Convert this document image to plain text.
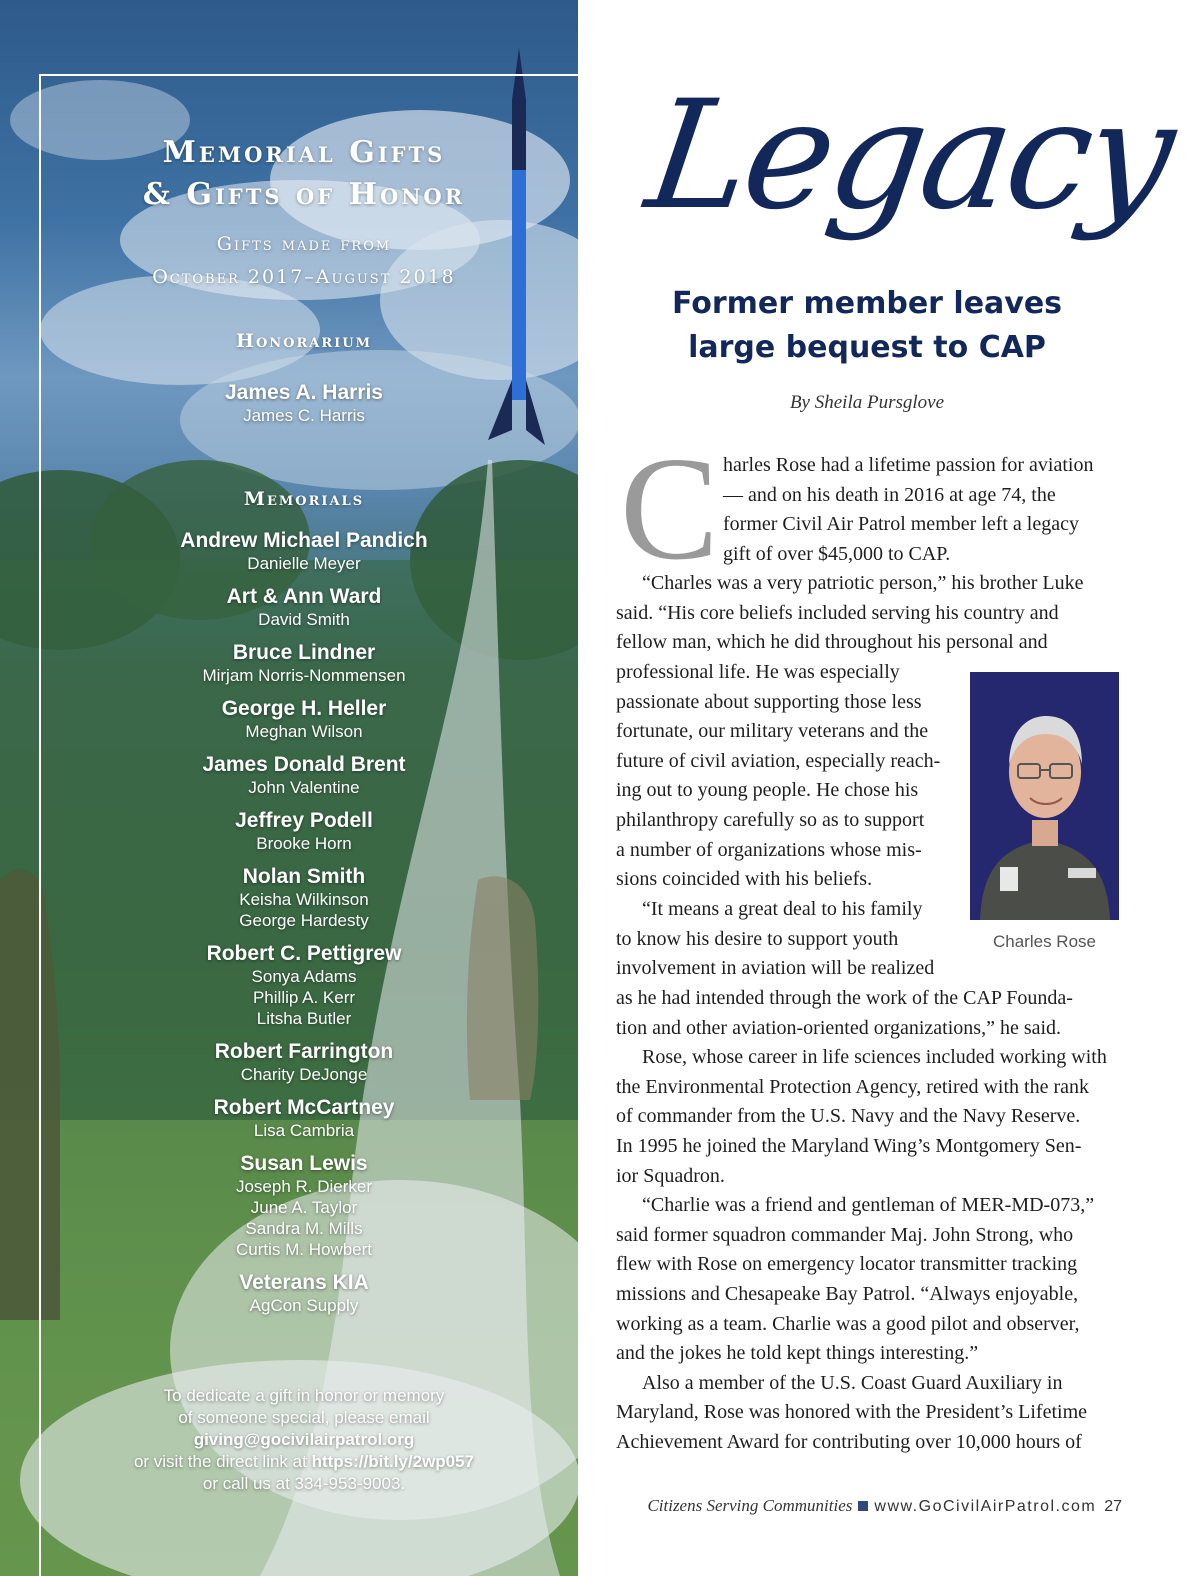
Memorial Gifts
& Gifts of Honor
Gifts made from
October 2017–August 2018
Honorarium
James A. Harris
James C. Harris
Memorials
Andrew Michael Pandich
Danielle Meyer
Art & Ann Ward
David Smith
Bruce Lindner
Mirjam Norris-Nommensen
George H. Heller
Meghan Wilson
James Donald Brent
John Valentine
Jeffrey Podell
Brooke Horn
Nolan Smith
Keisha Wilkinson
George Hardesty
Robert C. Pettigrew
Sonya Adams
Phillip A. Kerr
Litsha Butler
Robert Farrington
Charity DeJonge
Robert McCartney
Lisa Cambria
Susan Lewis
Joseph R. Dierker
June A. Taylor
Sandra M. Mills
Curtis M. Howbert
Veterans KIA
AgCon Supply
To dedicate a gift in honor or memory
of someone special, please email
giving@gocivilairpatrol.org
or visit the direct link at https://bit.ly/2wp057
or call us at 334-953-9003.
Legacy
Former member leaves
large bequest to CAP
By Sheila Pursglove
C harles Rose had a lifetime passion for aviation
— and on his death in 2016 at age 74, the
former Civil Air Patrol member left a legacy
gift of over $45,000 to CAP.
“Charles was a very patriotic person,” his brother Luke
said. “His core beliefs included serving his country and
fellow man, which he did throughout his personal and
professional life. He was especially
passionate about supporting those less
fortunate, our military veterans and the
future of civil aviation, especially reach-
ing out to young people. He chose his
philanthropy carefully so as to support
a number of organizations whose mis-
sions coincided with his beliefs.
“It means a great deal to his family
to know his desire to support youth
involvement in aviation will be realized
as he had intended through the work of the CAP Founda-
tion and other aviation-oriented organizations,” he said.
Rose, whose career in life sciences included working with
the Environmental Protection Agency, retired with the rank
of commander from the U.S. Navy and the Navy Reserve.
In 1995 he joined the Maryland Wing’s Montgomery Sen-
ior Squadron.
“Charlie was a friend and gentleman of MER-MD-073,”
said former squadron commander Maj. John Strong, who
flew with Rose on emergency locator transmitter tracking
missions and Chesapeake Bay Patrol. “Always enjoyable,
working as a team. Charlie was a good pilot and observer,
and the jokes he told kept things interesting.”
Also a member of the U.S. Coast Guard Auxiliary in
Maryland, Rose was honored with the President’s Lifetime
Achievement Award for contributing over 10,000 hours of
Charles Rose
Citizens Serving Communities www.GoCivilAirPatrol.com 27
